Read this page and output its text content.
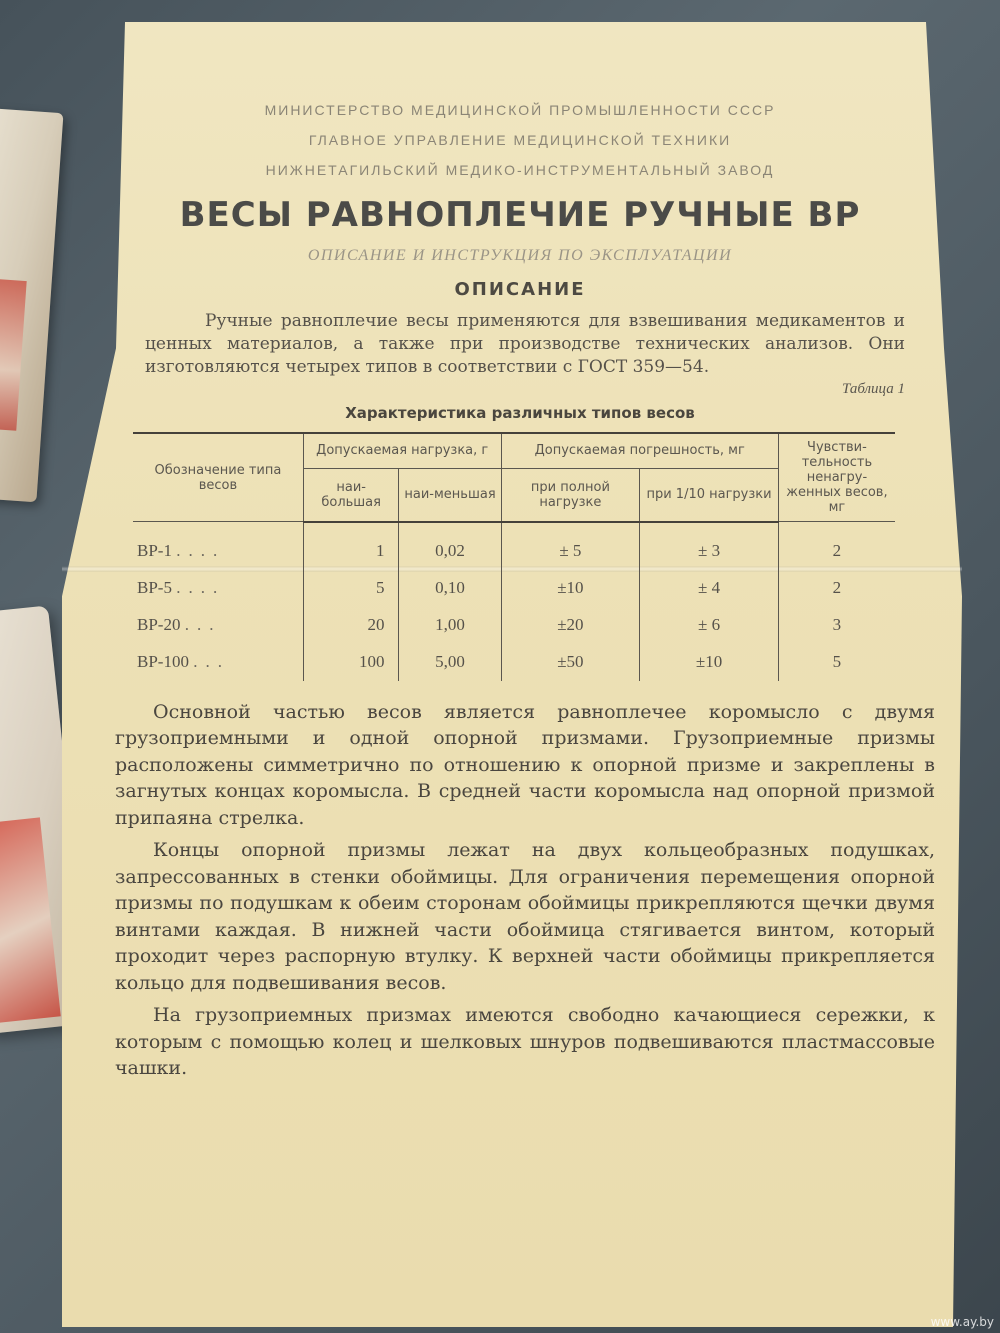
МИНИСТЕРСТВО МЕДИЦИНСКОЙ ПРОМЫШЛЕННОСТИ СССР

ГЛАВНОЕ УПРАВЛЕНИЕ МЕДИЦИНСКОЙ ТЕХНИКИ

НИЖНЕТАГИЛЬСКИЙ МЕДИКО-ИНСТРУМЕНТАЛЬНЫЙ ЗАВОД

ВЕСЫ РАВНОПЛЕЧИЕ РУЧНЫЕ ВР

ОПИСАНИЕ И ИНСТРУКЦИЯ ПО ЭКСПЛУАТАЦИИ

ОПИСАНИЕ

Ручные равноплечие весы применяются для взвешивания медикаментов и ценных материалов, а также при производстве технических анализов. Они изготовляются четырех типов в соответствии с ГОСТ 359—54.

Таблица 1

Характеристика различных типов весов

Обозначение типа весов	Допускаемая нагрузка, г		Допускаемая погрешность, мг		Чувстви-тельность ненагру-женных весов, мг
	наи-большая	наи-меньшая	при полной нагрузке	при 1/10 нагрузки	
ВР-1 ....	1	0,02	± 5	± 3	2
ВР-5 ....	5	0,10	±10	± 4	2
ВР-20 ...	20	1,00	±20	± 6	3
ВР-100 ...	100	5,00	±50	±10	5

Основной частью весов является равноплечее коромысло с двумя грузоприемными и одной опорной призмами. Грузоприемные призмы расположены симметрично по отношению к опорной призме и закреплены в загнутых концах коромысла. В средней части коромысла над опорной призмой припаяна стрелка.

Концы опорной призмы лежат на двух кольцеобразных подушках, запрессованных в стенки обоймицы. Для ограничения перемещения опорной призмы по подушкам к обеим сторонам обоймицы прикрепляются щечки двумя винтами каждая. В нижней части обоймица стягивается винтом, который проходит через распорную втулку. К верхней части обоймицы прикрепляется кольцо для подвешивания весов.

На грузоприемных призмах имеются свободно качающиеся сережки, к которым с помощью колец и шелковых шнуров подвешиваются пластмассовые чашки.

www.ay.by
